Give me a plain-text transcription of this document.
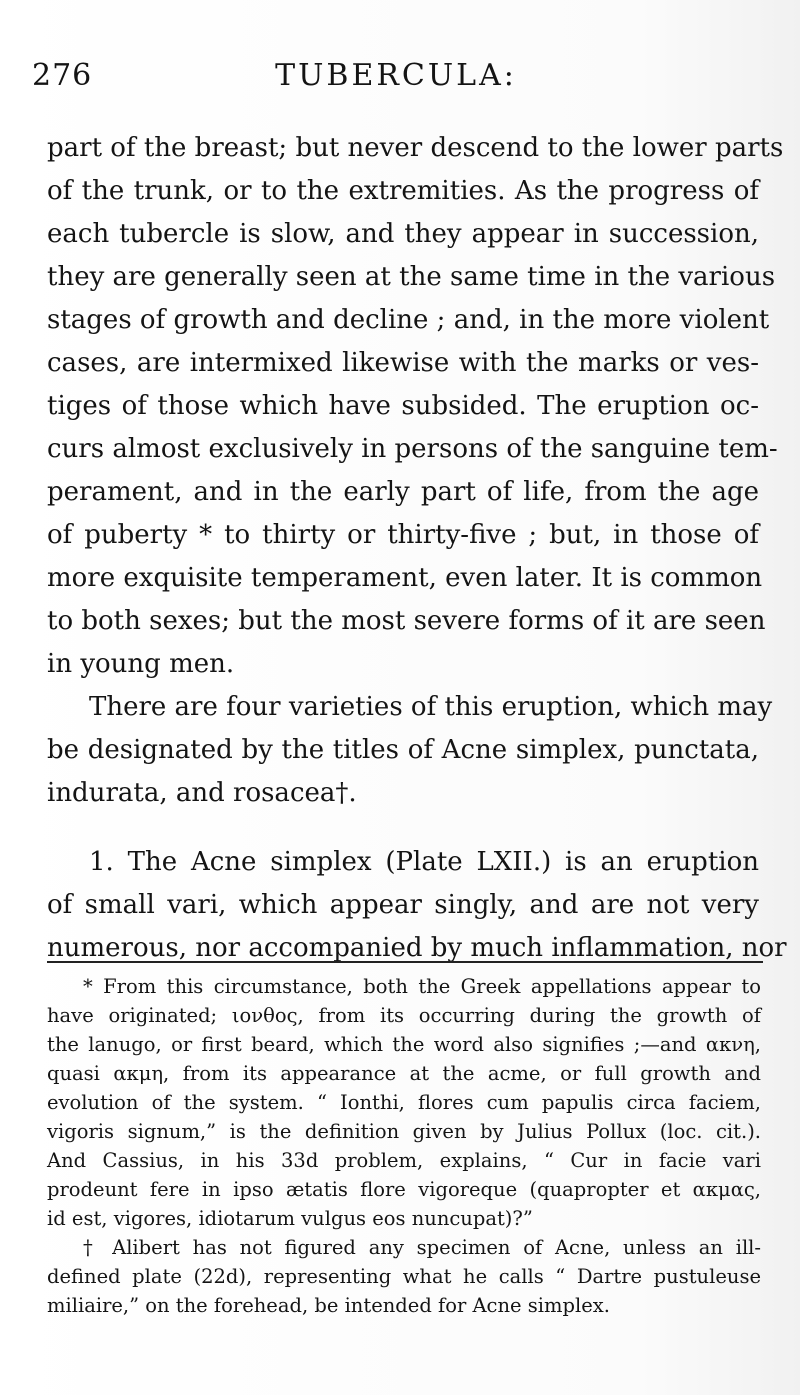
276	TUBERCULA:
part of the breast; but never descend to the lower parts
of the trunk, or to the extremities. As the progress of
each tubercle is slow, and they appear in succession,
they are generally seen at the same time in the various
stages of growth and decline ; and, in the more violent
cases, are intermixed likewise with the marks or ves-
tiges of those which have subsided. The eruption oc-
curs almost exclusively in persons of the sanguine tem-
perament, and in the early part of life, from the age
of puberty * to thirty or thirty-five ; but, in those of
more exquisite temperament, even later. It is common
to both sexes; but the most severe forms of it are seen
in young men.
There are four varieties of this eruption, which may
be designated by the titles of Acne simplex, punctata,
indurata, and rosacea†.
1. The Acne simplex (Plate LXII.) is an eruption
of small vari, which appear singly, and are not very
numerous, nor accompanied by much inflammation, nor
* From this circumstance, both the Greek appellations appear to
have originated; ιονθος, from its occurring during the growth of
the lanugo, or first beard, which the word also signifies ;—and ακνη,
quasi ακμη, from its appearance at the acme, or full growth and
evolution of the system. “ Ionthi, flores cum papulis circa faciem,
vigoris signum,” is the definition given by Julius Pollux (loc. cit.).
And Cassius, in his 33d problem, explains, “ Cur in facie vari
prodeunt fere in ipso ætatis flore vigoreque (quapropter et ακμας,
id est, vigores, idiotarum vulgus eos nuncupat)?”
† Alibert has not figured any specimen of Acne, unless an ill-
defined plate (22d), representing what he calls “ Dartre pustuleuse
miliaire,” on the forehead, be intended for Acne simplex.
